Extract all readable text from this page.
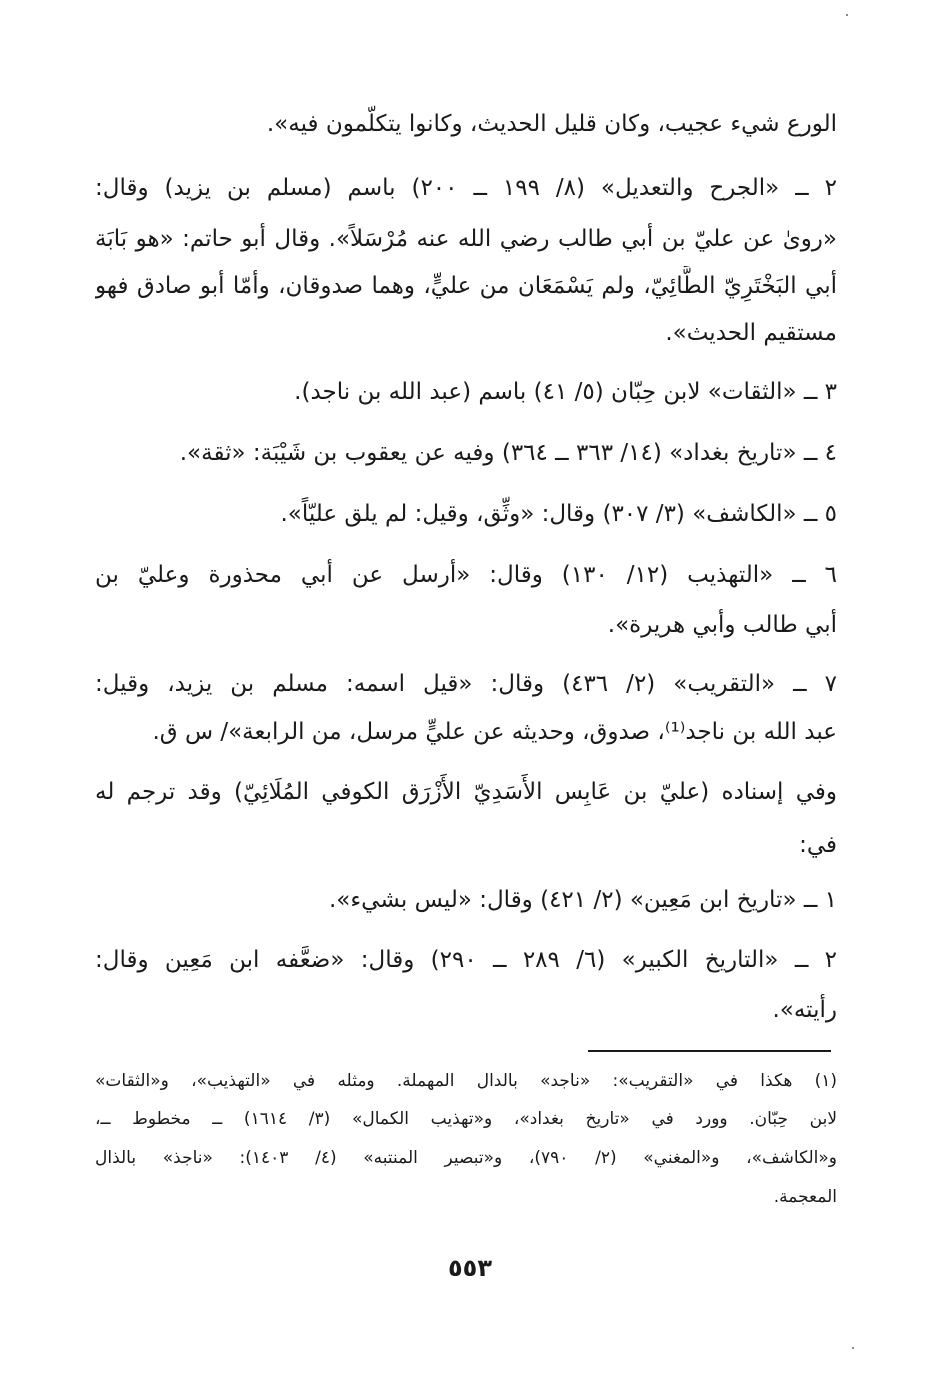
الورع شيء عجيب، وكان قليل الحديث، وكانوا يتكلّمون فيه».
٢ ــ «الجرح والتعديل» (٨/ ١٩٩ ــ ٢٠٠) باسم (مسلم بن يزيد) وقال:
«روىٰ عن عليّ بن أبي طالب رضي الله عنه مُرْسَلاً». وقال أبو حاتم: «هو بَابَة
أبي البَخْتَرِيّ الطَّائِيّ، ولم يَسْمَعَان من عليٍّ، وهما صدوقان، وأمّا أبو صادق فهو
مستقيم الحديث».
٣ ــ «الثقات» لابن حِبّان (٥/ ٤١) باسم (عبد الله بن ناجد).
٤ ــ «تاريخ بغداد» (١٤/ ٣٦٣ ــ ٣٦٤) وفيه عن يعقوب بن شَيْبَة: «ثقة».
٥ ــ «الكاشف» (٣/ ٣٠٧) وقال: «وثِّق، وقيل: لم يلق عليّاً».
٦ ــ «التهذيب (١٢/ ١٣٠) وقال: «أرسل عن أبي محذورة وعليّ بن
أبي طالب وأبي هريرة».
٧ ــ «التقريب» (٢/ ٤٣٦) وقال: «قيل اسمه: مسلم بن يزيد، وقيل:
عبد الله بن ناجد⁽¹⁾، صدوق، وحديثه عن عليٍّ مرسل، من الرابعة»/ س ق.
وفي إسناده (عليّ بن عَابِس الأَسَدِيّ الأَزْرَق الكوفي المُلَائِيّ) وقد ترجم له
في:
١ ــ «تاريخ ابن مَعِين» (٢/ ٤٢١) وقال: «ليس بشيء».
٢ ــ «التاريخ الكبير» (٦/ ٢٨٩ ــ ٢٩٠) وقال: «ضعَّفه ابن مَعِين وقال:
رأيته».
(١) هكذا في «التقريب»: «ناجد» بالدال المهملة. ومثله في «التهذيب»، و«الثقات»
لابن حِبّان. وورد في «تاريخ بغداد»، و«تهذيب الكمال» (٣/ ١٦١٤) ــ مخطوط ــ،
و«الكاشف»، و«المغني» (٢/ ٧٩٠)، و«تبصير المنتبه» (٤/ ١٤٠٣): «ناجذ» بالذال
المعجمة.
٥٥٣
